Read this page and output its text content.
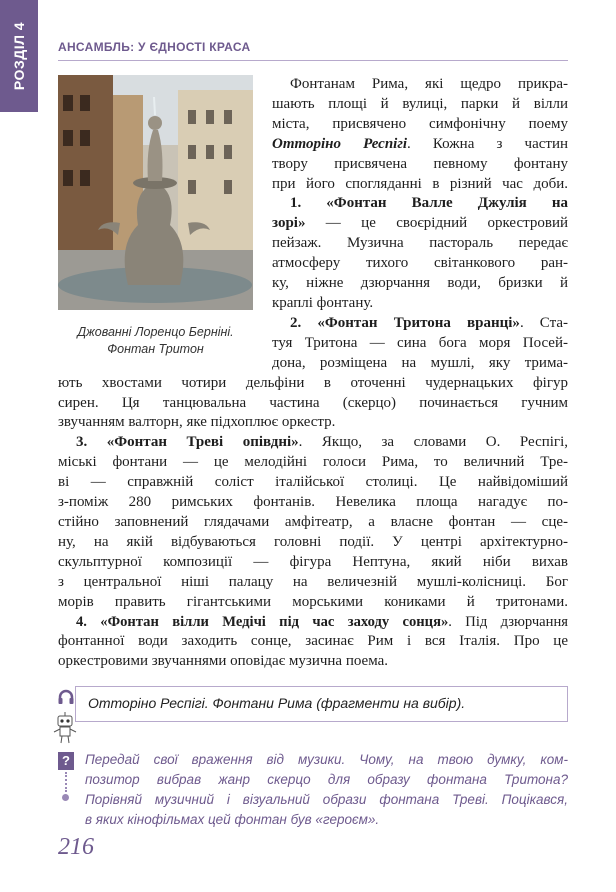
РОЗДІЛ 4	АНСАМБЛЬ: У ЄДНОСТІ КРАСА
Джованні Лоренцо Берніні.
Фонтан Тритон
Фонтанам Рима, які щедро прикра-
шають площі й вулиці, парки й вілли
міста, присвячено симфонічну поему
Отторіно Респігі. Кожна з частин
твору присвячена певному фонтану
при його спогляданні в різний час доби.
1. «Фонтан Валле Джулія на
зорі» — це своєрідний оркестровий
пейзаж. Музична пастораль передає
атмосферу тихого світанкового ран-
ку, ніжне дзюрчання води, бризки й
краплі фонтану.
2. «Фонтан Тритона вранці». Ста-
туя Тритона — сина бога моря Посей-
дона, розміщена на мушлі, яку трима-
ють хвостами чотири дельфіни в оточенні чудернацьких фігур
сирен. Ця танцювальна частина (скерцо) починається гучним
звучанням валторн, яке підхоплює оркестр.
3. «Фонтан Треві опівдні». Якщо, за словами О. Респігі,
міські фонтани — це мелодійні голоси Рима, то величний Тре-
ві — справжній соліст італійської столиці. Це найвідоміший
з-поміж 280 римських фонтанів. Невелика площа нагадує по-
стійно заповнений глядачами амфітеатр, а власне фонтан — сце-
ну, на якій відбуваються головні події. У центрі архітектурно-
скульптурної композиції — фігура Нептуна, який ніби вихав
з центральної ніші палацу на величезній мушлі-колісниці. Бог
морів править гігантськими морськими кониками й тритонами.
4. «Фонтан вілли Медічі під час заходу сонця». Під дзюрчання
фонтанної води заходить сонце, засинає Рим і вся Італія. Про це
Отторіно Респігі. Фонтани Рима (фрагменти на вибір).
? Передай свої враження від музики. Чому, на твою думку, ком-
позитор вибрав жанр скерцо для образу фонтана Тритона?
Порівняй музичний і візуальний образи фонтана Треві. Поцікався,
в яких кінофільмах цей фонтан був «героєм».
216
оркестровими звучаннями оповідає музична поема.
